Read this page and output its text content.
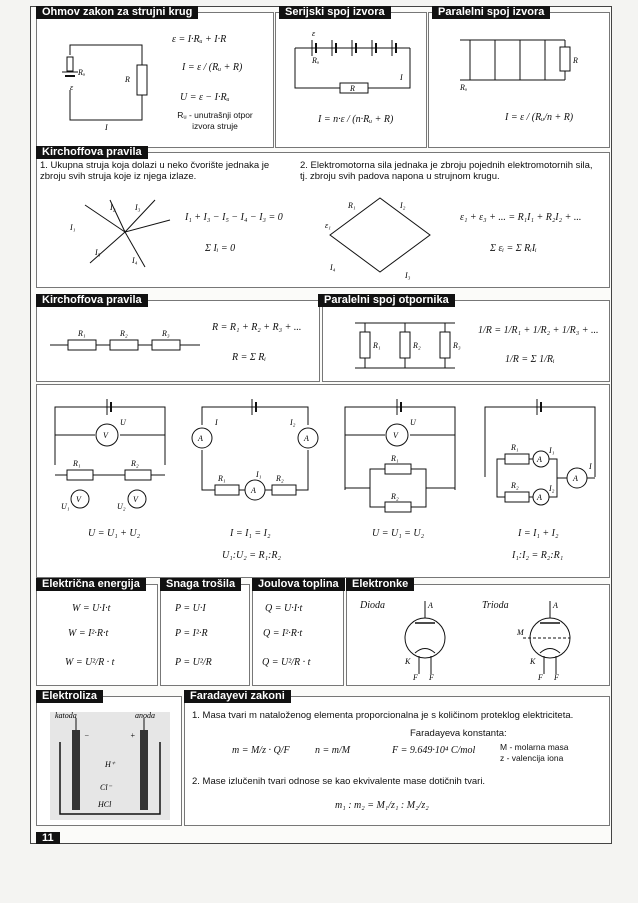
Ohmov zakon za strujni krug
Rᵤ
R
ε
I
ε = I·Rᵤ + I·R
I = ε / (Rᵤ + R)
U = ε − I·Rᵤ
Rᵤ - unutrašnji otpor izvora struje
Serijski spoj izvora
R
Rᵤ
ε
I
I = n·ε / (n·Rᵤ + R)
Paralelni spoj izvora
R
Rᵤ
I = ε / (Rᵤ/n + R)
Kirchoffova pravila
1. Ukupna struja koja dolazi u neko čvorište jednaka je zbroju svih struja koje iz njega izlaze.
I₂ I₃
I₁
I₅
I₄
I₁ + I₃ − I₅ − I₄ − I₃ = 0
Σ Iᵢ = 0
2. Elektromotorna sila jednaka je zbroju pojednih elektromotornih sila, tj. zbroju svih padova napona u strujnom krugu.
R₁
ε₁
I₂
I₄
I₃
ε₁ + ε₃ + ... = R₁I₁ + R₂I₂ + ...
Σ εᵢ = Σ RᵢIᵢ
Kirchoffova pravila
R₁	R₂	R₃
R = R₁ + R₂ + R₃ + ...
R = Σ Rᵢ
Paralelni spoj otpornika
R₁	R₂	R₃
1/R = 1/R₁ + 1/R₂ + 1/R₃ + ...
1/R = Σ 1/Rᵢ
V
U
V	V
R₁	R₂
U₁	U₂
U = U₁ + U₂
A	A
A
I	I₂
I₁
R₁	R₂
I = I₁ = I₂
U₁:U₂ = R₁:R₂
V
U
R₁
R₂
U = U₁ = U₂
A
A
A
R₁
R₂
I₁
I₂
I
I = I₁ + I₂
I₁:I₂ = R₂:R₁
Električna energija
W = U·I·t
W = I²·R·t
W = U²/R · t
Snaga trošila
P = U·I
P = I²·R
P = U²/R
Joulova toplina
Q = U·I·t
Q = I²·R·t
Q = U²/R · t
Elektronke
Dioda	Trioda
A
K
F F
A
M
K
F F
Elektroliza
katoda	anoda
−	+
H⁺
Cl⁻
HCl
Faradayevi zakoni
1. Masa tvari m nataloženog elementa proporcionalna je s količinom proteklog elektriciteta.
Faradayeva konstanta:
m = M/z · Q/F	n = m/M	F = 9.649·10⁴ C/mol	M - molarna masa
z - valencija iona
2. Mase izlučenih tvari odnose se kao ekvivalente mase dotičnih tvari.
m₁ : m₂ = M₁/z₁ : M₂/z₂
11
